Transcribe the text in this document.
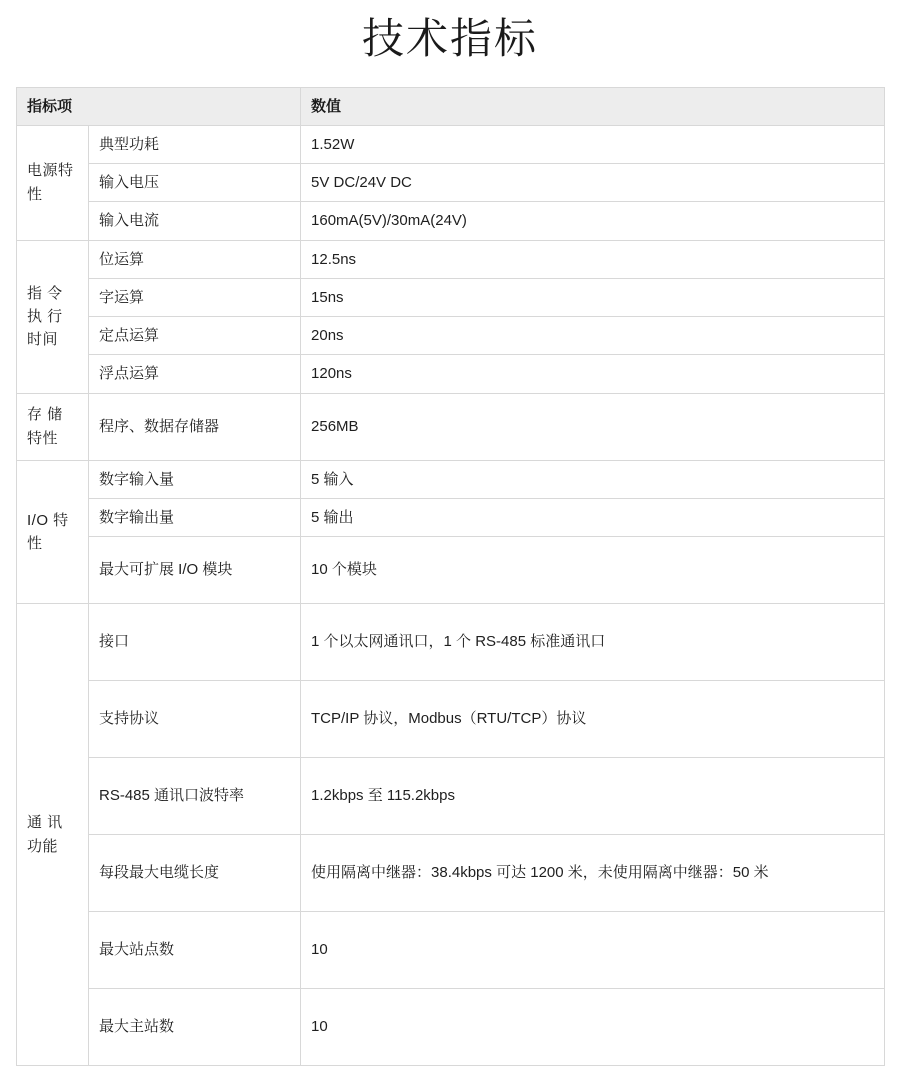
技术指标
指标项		数值
电源特性	典型功耗	1.52W
	输入电压	5V DC/24V DC
	输入电流	160mA(5V)/30mA(24V)
指 令 执 行 时间	位运算	12.5ns
	字运算	15ns
	定点运算	20ns
	浮点运算	120ns
存 储 特性	程序、数据存储器	256MB
I/O 特性	数字输入量	5 输入
	数字输出量	5 输出
	最大可扩展 I/O 模块	10 个模块
通 讯 功能	接口	1 个以太网通讯口，1 个 RS-485 标准通讯口
	支持协议	TCP/IP 协议，Modbus（RTU/TCP）协议
	RS-485 通讯口波特率	1.2kbps 至 115.2kbps
	每段最大电缆长度	使用隔离中继器：38.4kbps 可达 1200 米，未使用隔离中继器：50 米
	最大站点数	10
	最大主站数	10
